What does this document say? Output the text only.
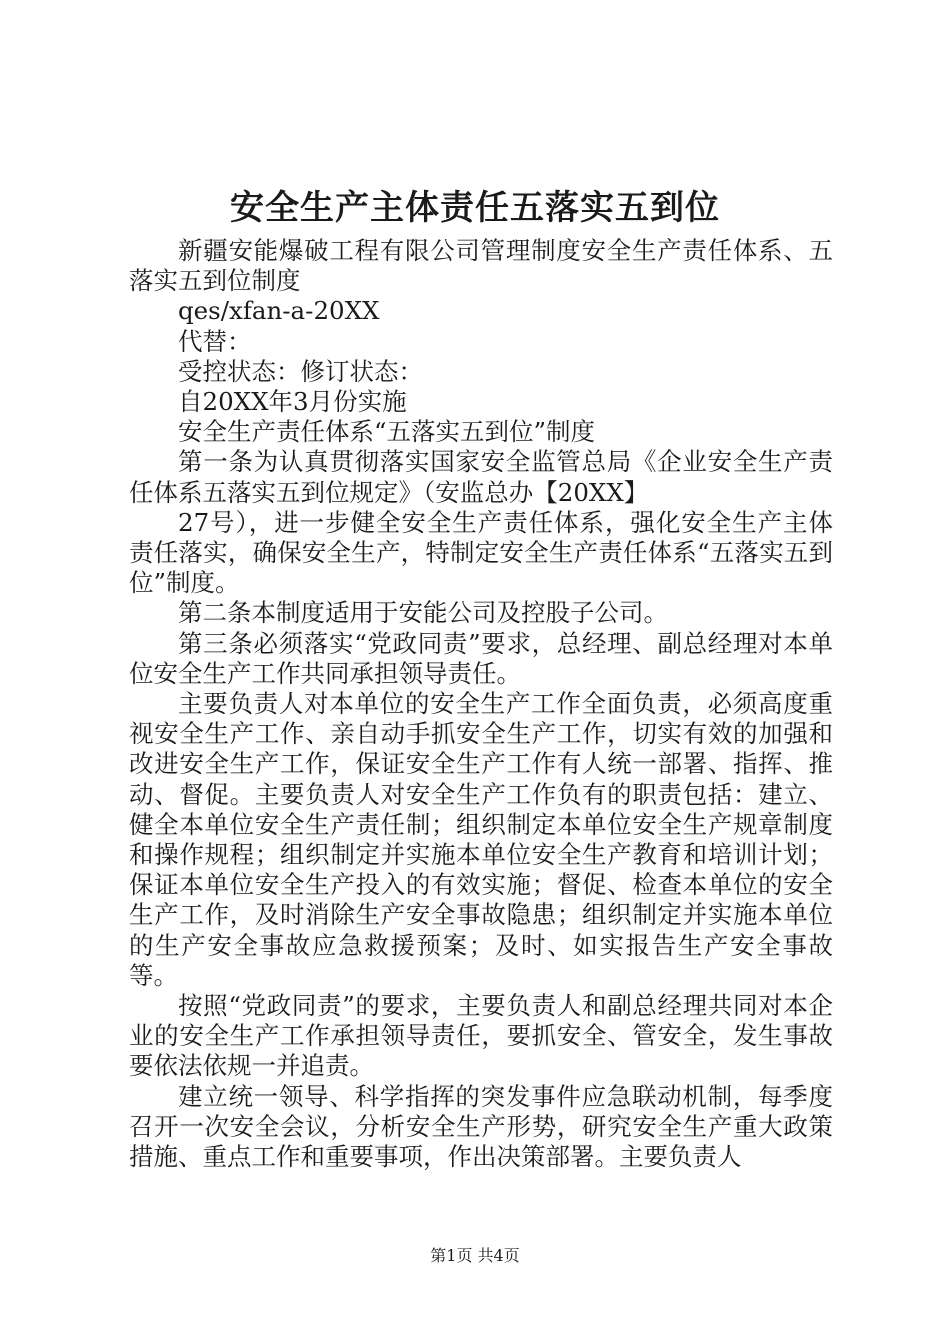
安全生产主体责任五落实五到位

新疆安能爆破工程有限公司管理制度安全生产责任体系、五落实五到位制度

qes/xfan-a-20XX

代替：

受控状态：修订状态：

自20XX年3月份实施

安全生产责任体系“五落实五到位”制度

第一条为认真贯彻落实国家安全监管总局《企业安全生产责任体系五落实五到位规定》（安监总办【20XX】

27号），进一步健全安全生产责任体系，强化安全生产主体责任落实，确保安全生产，特制定安全生产责任体系“五落实五到位”制度。

第二条本制度适用于安能公司及控股子公司。

第三条必须落实“党政同责”要求，总经理、副总经理对本单位安全生产工作共同承担领导责任。

主要负责人对本单位的安全生产工作全面负责，必须高度重视安全生产工作、亲自动手抓安全生产工作，切实有效的加强和改进安全生产工作，保证安全生产工作有人统一部署、指挥、推动、督促。主要负责人对安全生产工作负有的职责包括：建立、健全本单位安全生产责任制；组织制定本单位安全生产规章制度和操作规程；组织制定并实施本单位安全生产教育和培训计划；保证本单位安全生产投入的有效实施；督促、检查本单位的安全生产工作，及时消除生产安全事故隐患；组织制定并实施本单位的生产安全事故应急救援预案；及时、如实报告生产安全事故等。

按照“党政同责”的要求，主要负责人和副总经理共同对本企业的安全生产工作承担领导责任，要抓安全、管安全，发生事故要依法依规一并追责。

建立统一领导、科学指挥的突发事件应急联动机制，每季度召开一次安全会议，分析安全生产形势，研究安全生产重大政策措施、重点工作和重要事项，作出决策部署。主要负责人

第1页 共4页
